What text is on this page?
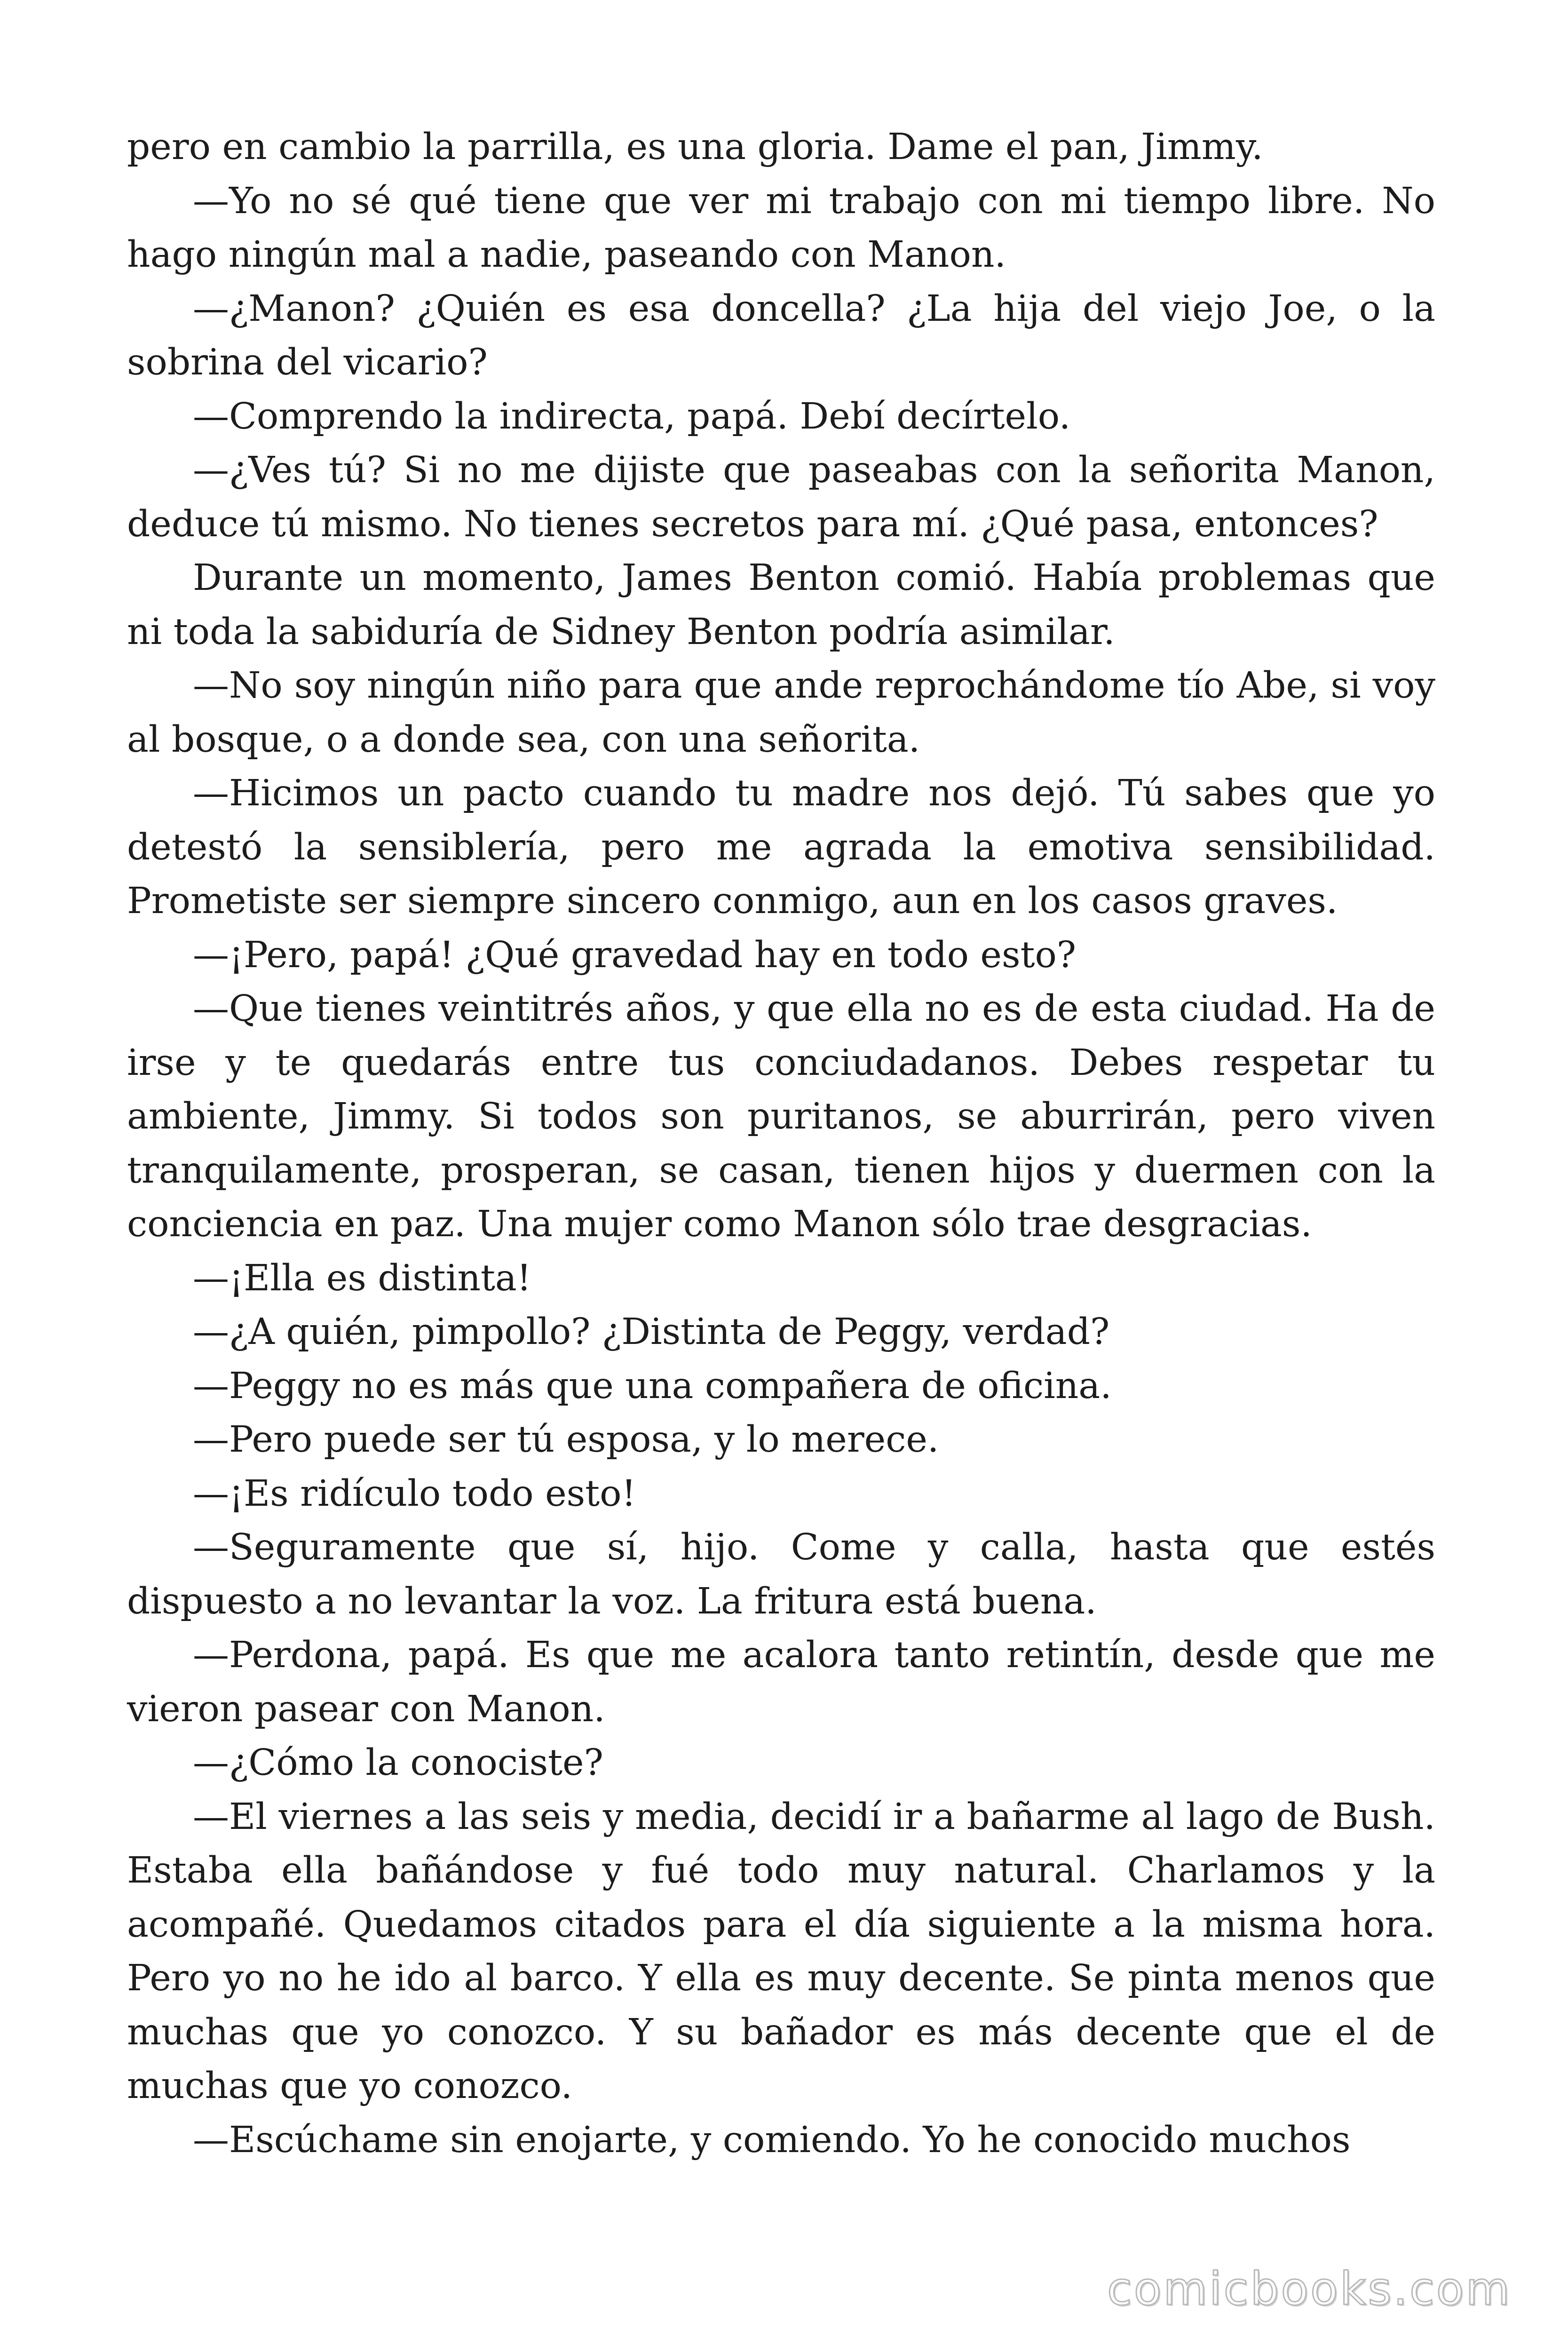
pero en cambio la parrilla, es una gloria. Dame el pan, Jimmy.

—Yo no sé qué tiene que ver mi trabajo con mi tiempo libre. No hago ningún mal a nadie, paseando con Manon.

—¿Manon? ¿Quién es esa doncella? ¿La hija del viejo Joe, o la sobrina del vicario?

—Comprendo la indirecta, papá. Debí decírtelo.

—¿Ves tú? Si no me dijiste que paseabas con la señorita Manon, deduce tú mismo. No tienes secretos para mí. ¿Qué pasa, entonces?

Durante un momento, James Benton comió. Había problemas que ni toda la sabiduría de Sidney Benton podría asimilar.

—No soy ningún niño para que ande reprochándome tío Abe, si voy al bosque, o a donde sea, con una señorita.

—Hicimos un pacto cuando tu madre nos dejó. Tú sabes que yo detestó la sensiblería, pero me agrada la emotiva sensibilidad. Prometiste ser siempre sincero conmigo, aun en los casos graves.

—¡Pero, papá! ¿Qué gravedad hay en todo esto?

—Que tienes veintitrés años, y que ella no es de esta ciudad. Ha de irse y te quedarás entre tus conciudadanos. Debes respetar tu ambiente, Jimmy. Si todos son puritanos, se aburrirán, pero viven tranquilamente, prosperan, se casan, tienen hijos y duermen con la conciencia en paz. Una mujer como Manon sólo trae desgracias.

—¡Ella es distinta!

—¿A quién, pimpollo? ¿Distinta de Peggy, verdad?

—Peggy no es más que una compañera de oficina.

—Pero puede ser tú esposa, y lo merece.

—¡Es ridículo todo esto!

—Seguramente que sí, hijo. Come y calla, hasta que estés dispuesto a no levantar la voz. La fritura está buena.

—Perdona, papá. Es que me acalora tanto retintín, desde que me vieron pasear con Manon.

—¿Cómo la conociste?

—El viernes a las seis y media, decidí ir a bañarme al lago de Bush. Estaba ella bañándose y fué todo muy natural. Charlamos y la acompañé. Quedamos citados para el día siguiente a la misma hora. Pero yo no he ido al barco. Y ella es muy decente. Se pinta menos que muchas que yo conozco. Y su bañador es más decente que el de muchas que yo conozco.

—Escúchame sin enojarte, y comiendo. Yo he conocido muchos

comicbooks.com
